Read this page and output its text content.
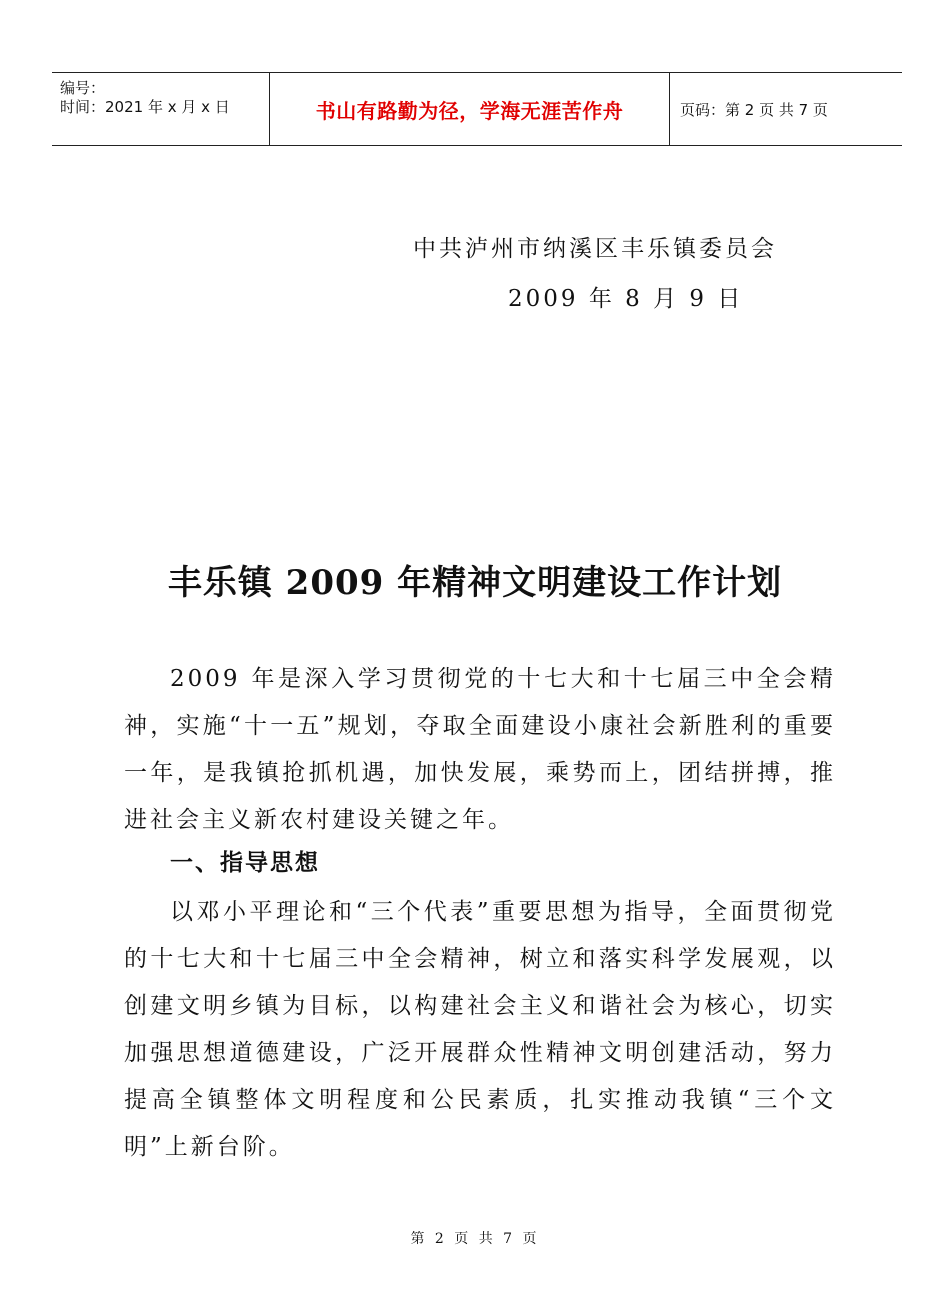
编号：
时间：2021 年 x 月 x 日	书山有路勤为径，学海无涯苦作舟	页码：第 2 页 共 7 页
中共泸州市纳溪区丰乐镇委员会
2009 年 8 月 9 日
丰乐镇 2009 年精神文明建设工作计划

2009 年是深入学习贯彻党的十七大和十七届三中全会精神，实施“十一五”规划，夺取全面建设小康社会新胜利的重要一年，是我镇抢抓机遇，加快发展，乘势而上，团结拼搏，推进社会主义新农村建设关键之年。

一、指导思想

以邓小平理论和“三个代表”重要思想为指导，全面贯彻党的十七大和十七届三中全会精神，树立和落实科学发展观，以创建文明乡镇为目标，以构建社会主义和谐社会为核心，切实加强思想道德建设，广泛开展群众性精神文明创建活动，努力提高全镇整体文明程度和公民素质，扎实推动我镇“三个文明”上新台阶。

第 2 页 共 7 页
